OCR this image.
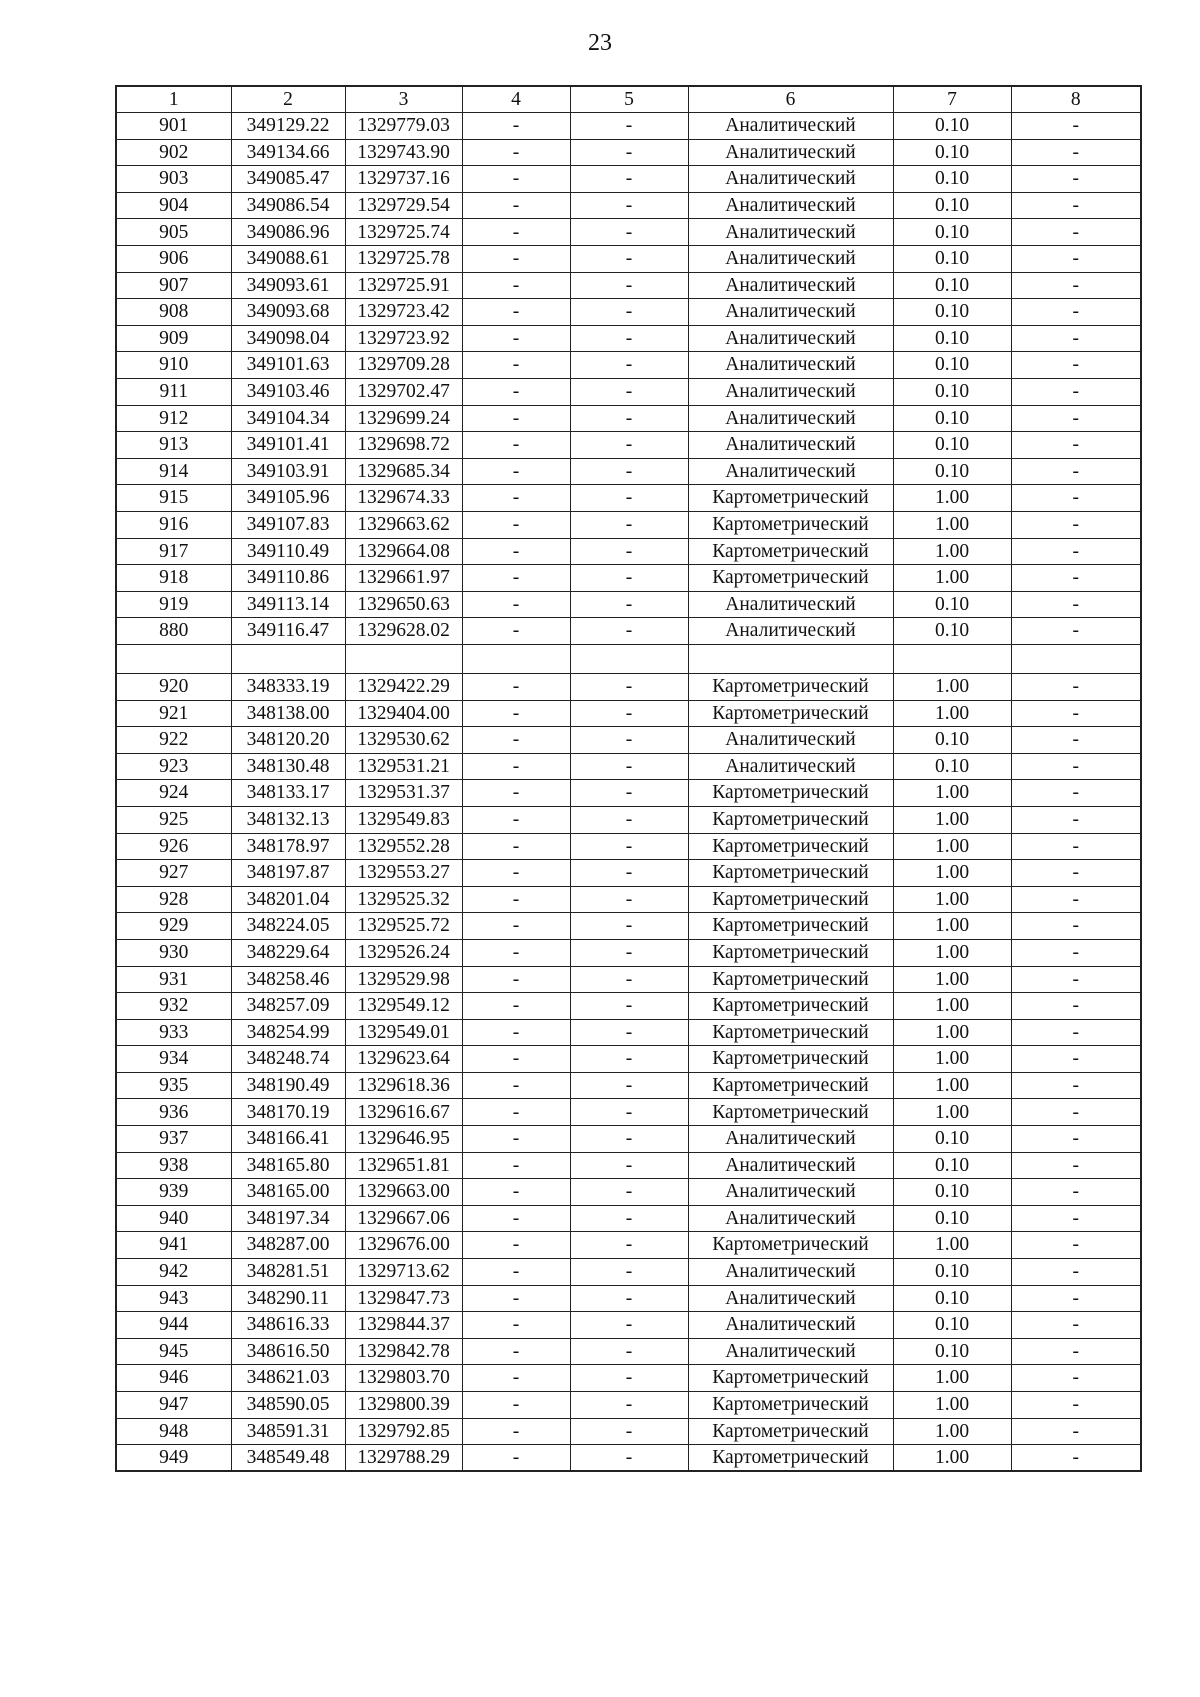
23
1	2	3	4	5	6	7	8
901	349129.22	1329779.03	-	-	Аналитический	0.10	-
902	349134.66	1329743.90	-	-	Аналитический	0.10	-
903	349085.47	1329737.16	-	-	Аналитический	0.10	-
904	349086.54	1329729.54	-	-	Аналитический	0.10	-
905	349086.96	1329725.74	-	-	Аналитический	0.10	-
906	349088.61	1329725.78	-	-	Аналитический	0.10	-
907	349093.61	1329725.91	-	-	Аналитический	0.10	-
908	349093.68	1329723.42	-	-	Аналитический	0.10	-
909	349098.04	1329723.92	-	-	Аналитический	0.10	-
910	349101.63	1329709.28	-	-	Аналитический	0.10	-
911	349103.46	1329702.47	-	-	Аналитический	0.10	-
912	349104.34	1329699.24	-	-	Аналитический	0.10	-
913	349101.41	1329698.72	-	-	Аналитический	0.10	-
914	349103.91	1329685.34	-	-	Аналитический	0.10	-
915	349105.96	1329674.33	-	-	Картометрический	1.00	-
916	349107.83	1329663.62	-	-	Картометрический	1.00	-
917	349110.49	1329664.08	-	-	Картометрический	1.00	-
918	349110.86	1329661.97	-	-	Картометрический	1.00	-
919	349113.14	1329650.63	-	-	Аналитический	0.10	-
880	349116.47	1329628.02	-	-	Аналитический	0.10	-

920	348333.19	1329422.29	-	-	Картометрический	1.00	-
921	348138.00	1329404.00	-	-	Картометрический	1.00	-
922	348120.20	1329530.62	-	-	Аналитический	0.10	-
923	348130.48	1329531.21	-	-	Аналитический	0.10	-
924	348133.17	1329531.37	-	-	Картометрический	1.00	-
925	348132.13	1329549.83	-	-	Картометрический	1.00	-
926	348178.97	1329552.28	-	-	Картометрический	1.00	-
927	348197.87	1329553.27	-	-	Картометрический	1.00	-
928	348201.04	1329525.32	-	-	Картометрический	1.00	-
929	348224.05	1329525.72	-	-	Картометрический	1.00	-
930	348229.64	1329526.24	-	-	Картометрический	1.00	-
931	348258.46	1329529.98	-	-	Картометрический	1.00	-
932	348257.09	1329549.12	-	-	Картометрический	1.00	-
933	348254.99	1329549.01	-	-	Картометрический	1.00	-
934	348248.74	1329623.64	-	-	Картометрический	1.00	-
935	348190.49	1329618.36	-	-	Картометрический	1.00	-
936	348170.19	1329616.67	-	-	Картометрический	1.00	-
937	348166.41	1329646.95	-	-	Аналитический	0.10	-
938	348165.80	1329651.81	-	-	Аналитический	0.10	-
939	348165.00	1329663.00	-	-	Аналитический	0.10	-
940	348197.34	1329667.06	-	-	Аналитический	0.10	-
941	348287.00	1329676.00	-	-	Картометрический	1.00	-
942	348281.51	1329713.62	-	-	Аналитический	0.10	-
943	348290.11	1329847.73	-	-	Аналитический	0.10	-
944	348616.33	1329844.37	-	-	Аналитический	0.10	-
945	348616.50	1329842.78	-	-	Аналитический	0.10	-
946	348621.03	1329803.70	-	-	Картометрический	1.00	-
947	348590.05	1329800.39	-	-	Картометрический	1.00	-
948	348591.31	1329792.85	-	-	Картометрический	1.00	-
949	348549.48	1329788.29	-	-	Картометрический	1.00	-
